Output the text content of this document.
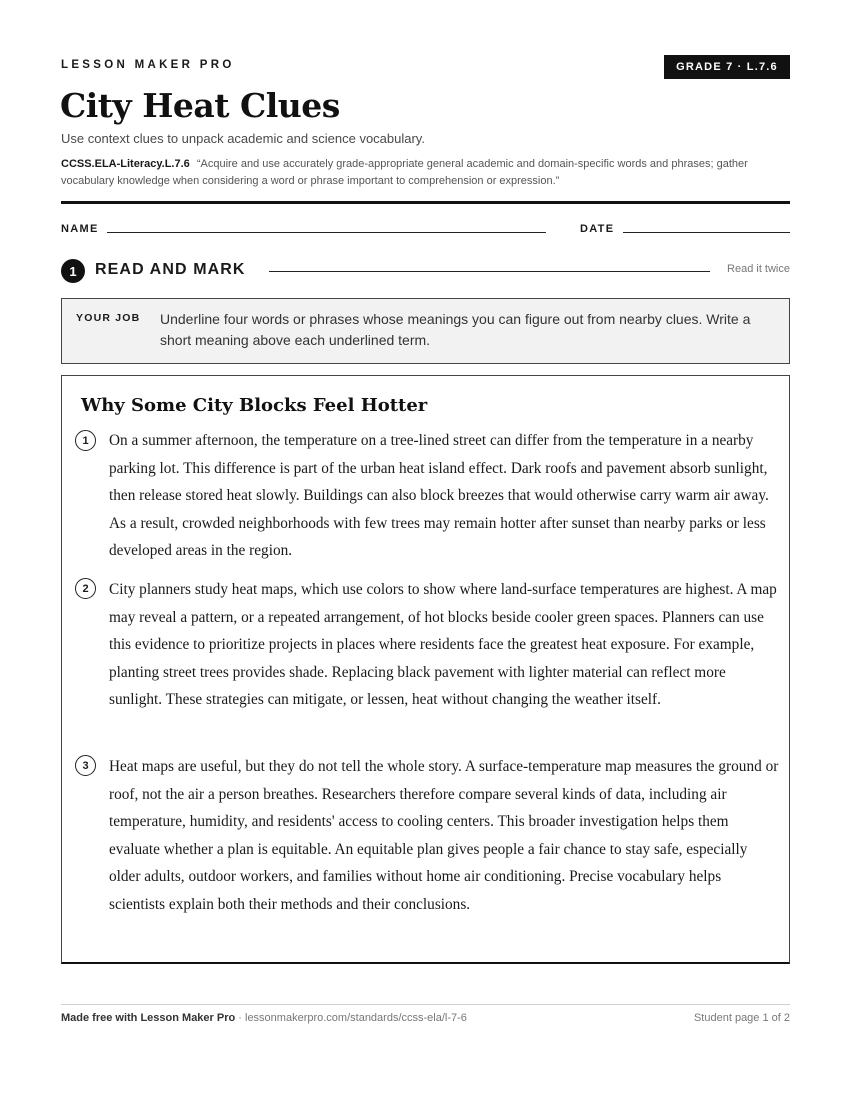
LESSON MAKER PRO	GRADE 7 · L.7.6
City Heat Clues
Use context clues to unpack academic and science vocabulary.
CCSS.ELA-Literacy.L.7.6 “Acquire and use accurately grade-appropriate general academic and domain-specific words and phrases; gather vocabulary knowledge when considering a word or phrase important to comprehension or expression.”
NAME	DATE
1	READ AND MARK	Read it twice
YOUR JOB Underline four words or phrases whose meanings you can figure out from nearby clues. Write a short meaning above each underlined term.
Why Some City Blocks Feel Hotter
1	On a summer afternoon, the temperature on a tree-lined street can differ from the temperature in a nearby parking lot. This difference is part of the urban heat island effect. Dark roofs and pavement absorb sunlight, then release stored heat slowly. Buildings can also block breezes that would otherwise carry warm air away. As a result, crowded neighborhoods with few trees may remain hotter after sunset than nearby parks or less developed areas in the region.

2	City planners study heat maps, which use colors to show where land-surface temperatures are highest. A map may reveal a pattern, or a repeated arrangement, of hot blocks beside cooler green spaces. Planners can use this evidence to prioritize projects in places where residents face the greatest heat exposure. For example, planting street trees provides shade. Replacing black pavement with lighter material can reflect more sunlight. These strategies can mitigate, or lessen, heat without changing the weather itself.

3	Heat maps are useful, but they do not tell the whole story. A surface-temperature map measures the ground or roof, not the air a person breathes. Researchers therefore compare several kinds of data, including air temperature, humidity, and residents' access to cooling centers. This broader investigation helps them evaluate whether a plan is equitable. An equitable plan gives people a fair chance to stay safe, especially older adults, outdoor workers, and families without home air conditioning. Precise vocabulary helps scientists explain both their methods and their conclusions.

Made free with Lesson Maker Pro · lessonmakerpro.com/standards/ccss-ela/l-7-6	Student page 1 of 2
